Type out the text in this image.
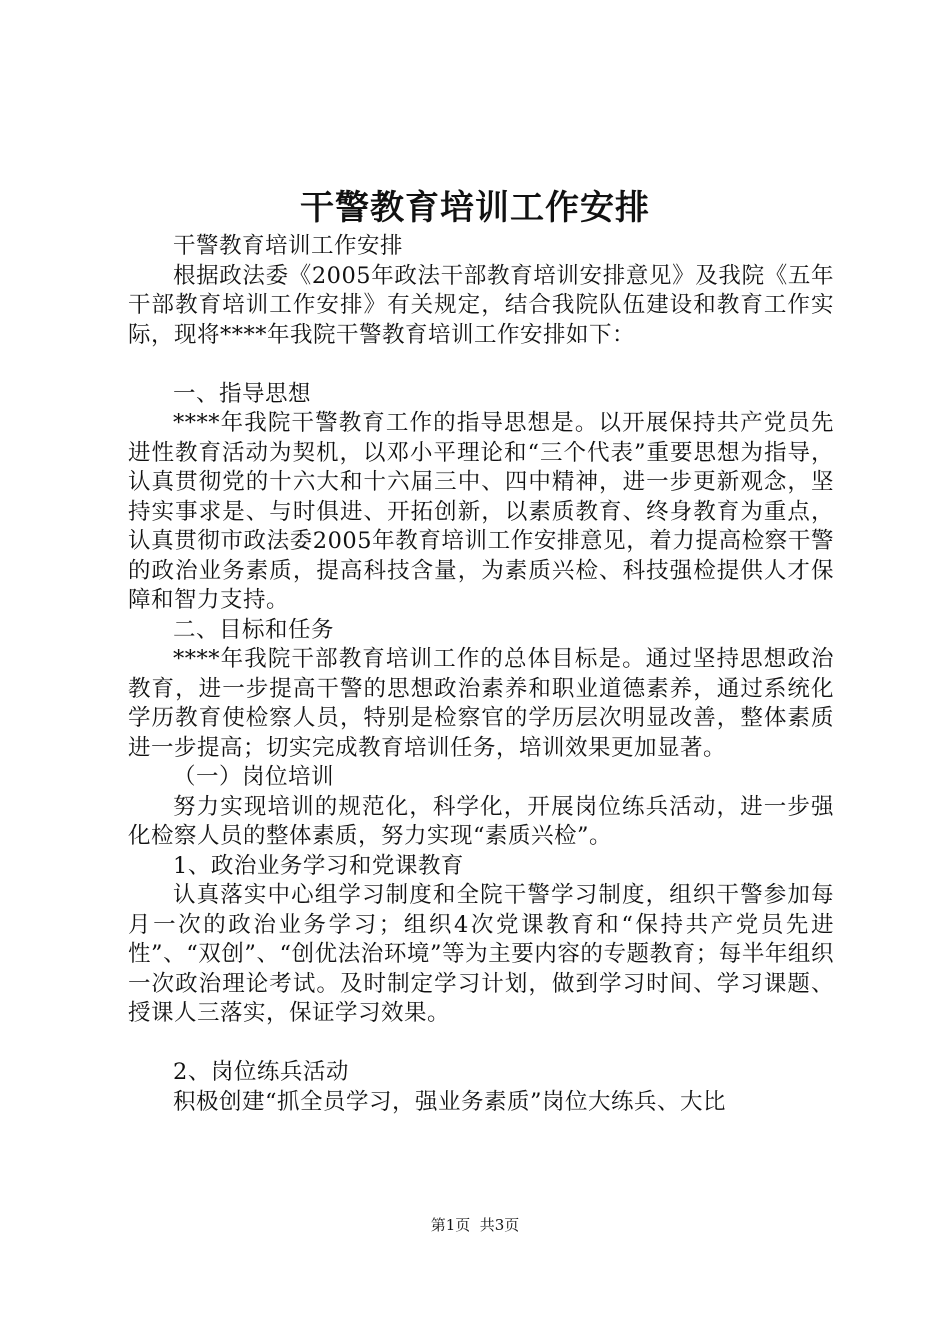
干警教育培训工作安排

干警教育培训工作安排

根据政法委《2005年政法干部教育培训安排意见》及我院《五年干部教育培训工作安排》有关规定，结合我院队伍建设和教育工作实际，现将****年我院干警教育培训工作安排如下：

一、指导思想

****年我院干警教育工作的指导思想是。以开展保持共产党员先进性教育活动为契机，以邓小平理论和“三个代表”重要思想为指导，认真贯彻党的十六大和十六届三中、四中精神，进一步更新观念，坚持实事求是、与时俱进、开拓创新，以素质教育、终身教育为重点，认真贯彻市政法委2005年教育培训工作安排意见，着力提高检察干警的政治业务素质，提高科技含量，为素质兴检、科技强检提供人才保障和智力支持。

二、目标和任务

****年我院干部教育培训工作的总体目标是。通过坚持思想政治教育，进一步提高干警的思想政治素养和职业道德素养，通过系统化学历教育使检察人员，特别是检察官的学历层次明显改善，整体素质进一步提高；切实完成教育培训任务，培训效果更加显著。

（一）岗位培训

努力实现培训的规范化，科学化，开展岗位练兵活动，进一步强化检察人员的整体素质，努力实现“素质兴检”。

1、政治业务学习和党课教育

认真落实中心组学习制度和全院干警学习制度，组织干警参加每月一次的政治业务学习；组织4次党课教育和“保持共产党员先进性”、“双创”、“创优法治环境”等为主要内容的专题教育；每半年组织一次政治理论考试。及时制定学习计划，做到学习时间、学习课题、授课人三落实，保证学习效果。

2、岗位练兵活动

积极创建“抓全员学习，强业务素质”岗位大练兵、大比

第1页  共3页
